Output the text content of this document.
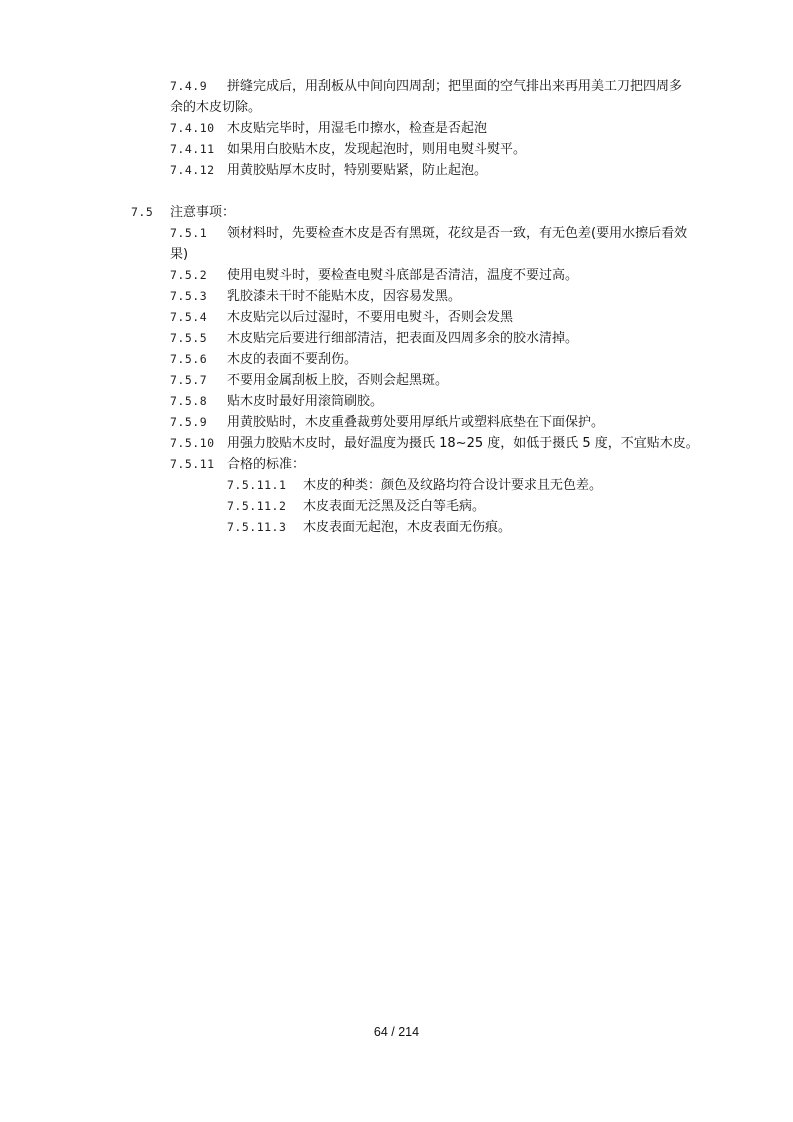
7.4.9 拼缝完成后，用刮板从中间向四周刮；把里面的空气排出来再用美工刀把四周多
余的木皮切除。
7.4.10 木皮贴完毕时，用湿毛巾擦水，检查是否起泡
7.4.11 如果用白胶贴木皮，发现起泡时，则用电熨斗熨平。
7.4.12 用黄胶贴厚木皮时，特别要贴紧，防止起泡。
7.5 注意事项：
7.5.1 领材料时，先要检查木皮是否有黑斑，花纹是否一致，有无色差(要用水擦后看效
果)
7.5.2 使用电熨斗时，要检查电熨斗底部是否清洁，温度不要过高。
7.5.3 乳胶漆未干时不能贴木皮，因容易发黑。
7.5.4 木皮贴完以后过湿时，不要用电熨斗，否则会发黑
7.5.5 木皮贴完后要进行细部清洁，把表面及四周多余的胶水清掉。
7.5.6 木皮的表面不要刮伤。
7.5.7 不要用金属刮板上胶，否则会起黑斑。
7.5.8 贴木皮时最好用滚筒刷胶。
7.5.9 用黄胶贴时，木皮重叠裁剪处要用厚纸片或塑料底垫在下面保护。
7.5.10 用强力胶贴木皮时，最好温度为摄氏 18~25 度，如低于摄氏 5 度，不宜贴木皮。
7.5.11 合格的标准：
7.5.11.1 木皮的种类：颜色及纹路均符合设计要求且无色差。
7.5.11.2 木皮表面无泛黑及泛白等毛病。
7.5.11.3 木皮表面无起泡，木皮表面无伤痕。
64 / 214
